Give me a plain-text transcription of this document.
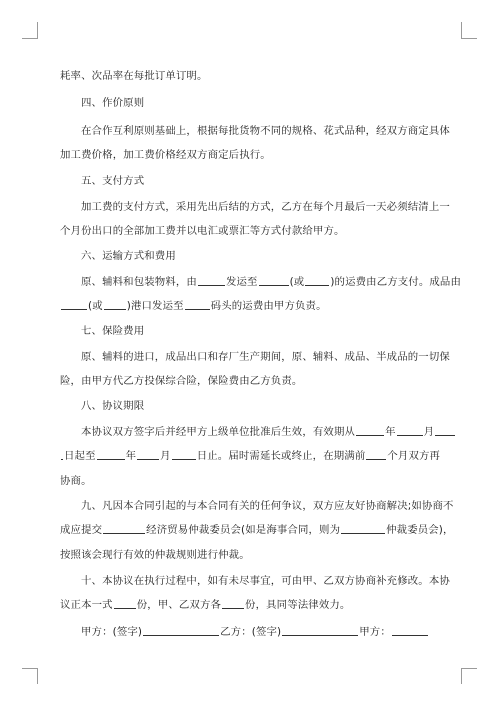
耗率、次品率在每批订单订明。
四、作价原则
在合作互利原则基础上，根据每批货物不同的规格、花式品种，经双方商定具体
加工费价格，加工费价格经双方商定后执行。
五、支付方式
加工费的支付方式，采用先出后结的方式，乙方在每个月最后一天必须结清上一
个月份出口的全部加工费并以电汇或票汇等方式付款给甲方。
六、运输方式和费用
原、辅料和包装物料，由	发运至	(或	)的运费由乙方支付。成品由
(或 )港口发运至	码头的运费由甲方负责。
七、保险费用
原、辅料的进口，成品出口和存厂生产期间，原、辅料、成品、半成品的一切保
险，由甲方代乙方投保综合险，保险费由乙方负责。
八、协议期限
本协议双方签字后并经甲方上级单位批准后生效，有效期从	年	月
日起至	年 月	日止。届时需延长或终止，在期满前 个月双方再
协商。
九、凡因本合同引起的与本合同有关的任何争议，双方应友好协商解决;如协商不
成应提交	经济贸易仲裁委员会(如是海事合同，则为	仲裁委员会)，
按照该会现行有效的仲裁规则进行仲裁。
十、本协议在执行过程中，如有未尽事宜，可由甲、乙双方协商补充修改。本协
议正本一式 份，甲、乙双方各 份，具同等法律效力。
甲方：(签字)	乙方：(签字)	甲方：
